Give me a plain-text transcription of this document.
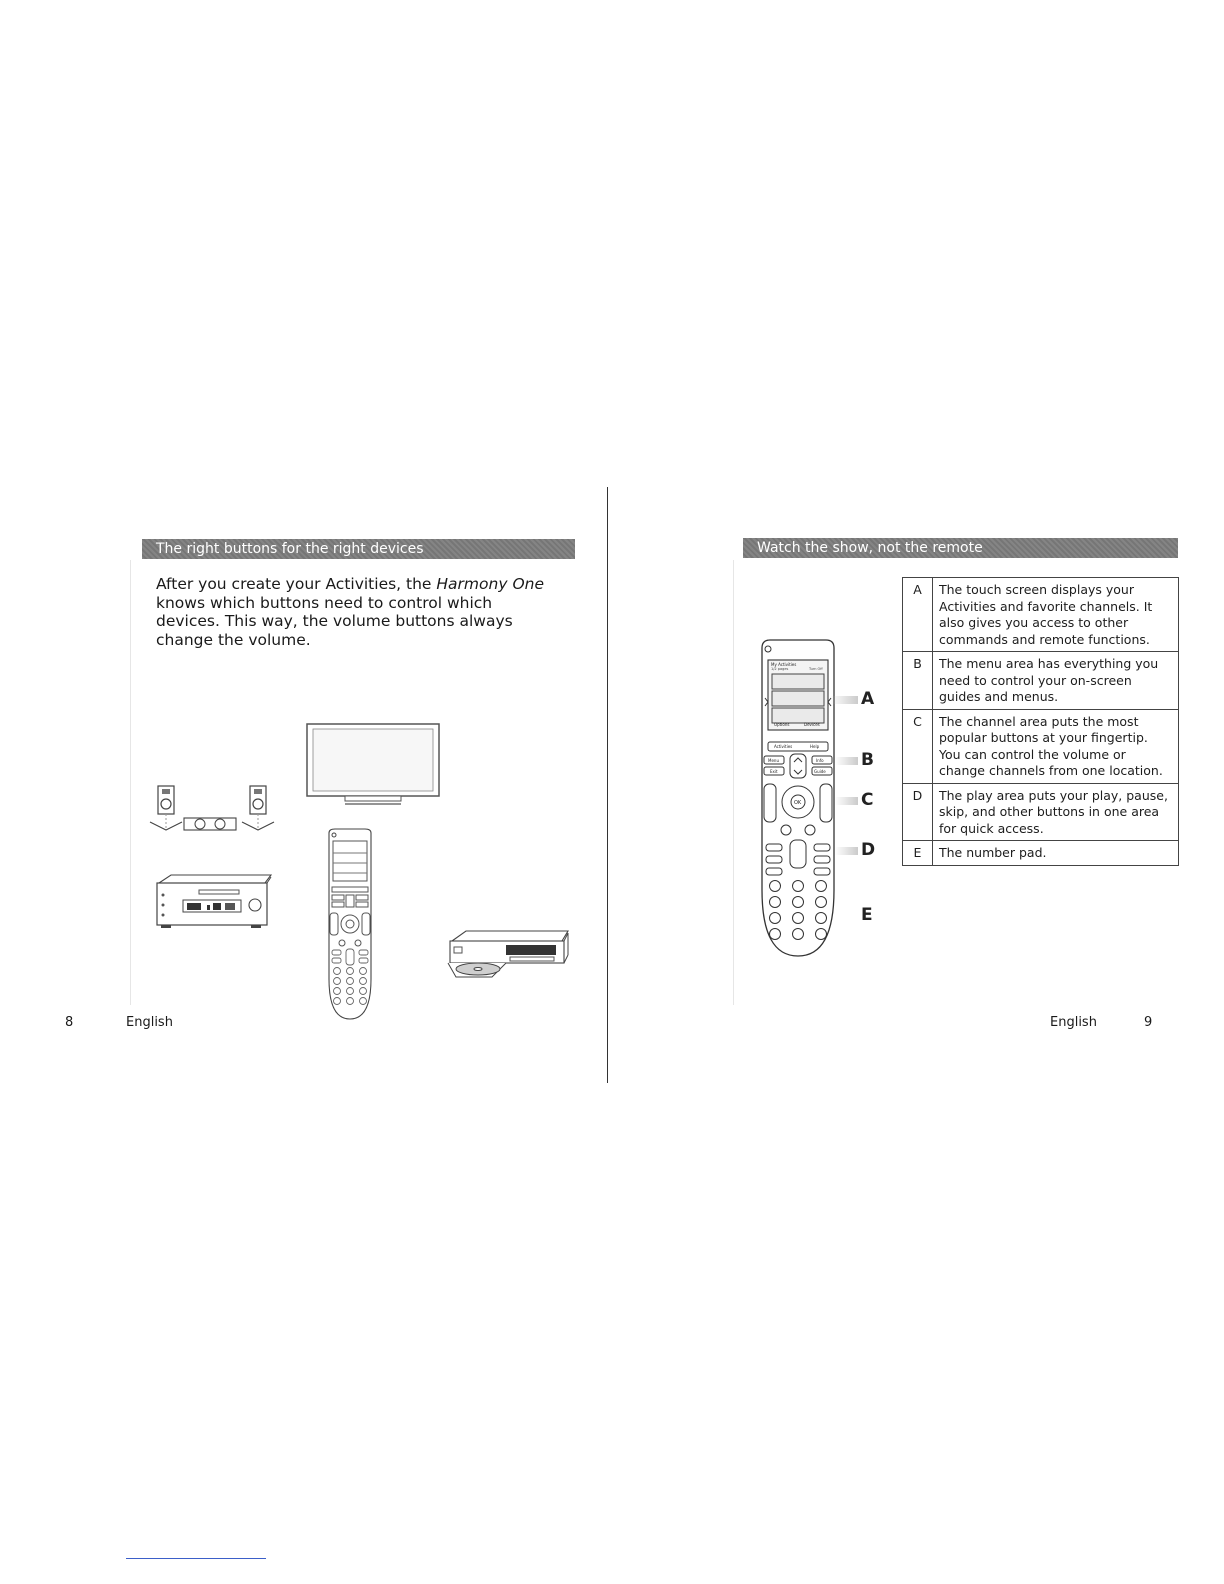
The right buttons for the right devices

After you create your Activities, the Harmony One knows which buttons need to control which devices. This way, the volume buttons always change the volume.

8	English
Watch the show, not the remote
My Activities
1/2 pages	Turn Off
Options	Devices
Activities	Help
Menu	Info
Exit	Guide
OK
A
B
C
D
E
A	The touch screen displays your Activities and favorite channels. It also gives you access to other commands and remote functions.
B	The menu area has everything you need to control your on-screen guides and menus.
C	The channel area puts the most popular buttons at your fingertip. You can control the volume or change channels from one location.
D	The play area puts your play, pause, skip, and other buttons in one area for quick access.
E	The number pad.
English	9
